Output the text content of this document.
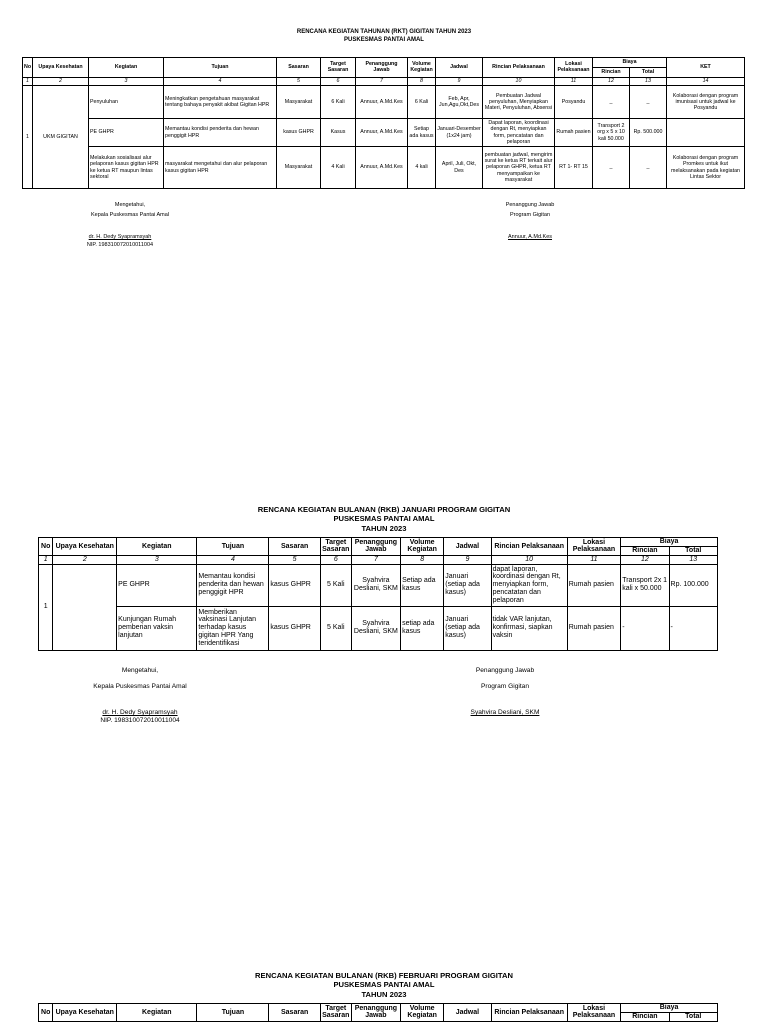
RENCANA KEGIATAN TAHUNAN (RKT) GIGITAN TAHUN 2023
PUSKESMAS PANTAI AMAL
No	Upaya Kesehatan	Kegiatan	Tujuan	Sasaran	Target Sasaran	Penanggung Jawab	Volume Kegiatan	Jadwal	Rincian Pelaksanaan	Lokasi Pelaksanaan	Biaya		KET
											Rincian	Total	
1	2	3	4	5	6	7	8	9	10	11	12	13	14
1	UKM GIGITAN	Penyuluhan	Meningkatkan pengetahuan masyarakat tentang bahaya penyakit akibat Gigitan HPR	Masyarakat	6 Kali	Annuur, A.Md.Kes	6 Kali	Feb, Apr, Jun,Agu,Okt,Des	Pembuatan Jadwal penyuluhan, Menyiapkan Materi, Penyuluhan, Absensi	Posyandu	_	_	Kolaborasi dengan program imunisasi untuk jadwal ke Posyandu
		PE GHPR	Memantau kondisi penderita dan hewan penggigit HPR	kasus GHPR	Kasus	Annuur, A.Md.Kes	Setiap ada kasus	Januari-Desember (1x24 jam)	Dapat laporan, koordinasi dengan Rt, menyiapkan form, pencatatan dan pelaporan	Rumah pasien	Transport 2 org x 5 x 10 kali 50.000	Rp. 500.000	
		Melakukan sosialisasi alur pelaporan kasus gigitan HPR ke ketua RT maupun lintas sektoral	masyarakat mengetahui dan alur pelaporan kasus gigitan HPR	Masyarakat	4 Kali	Annuur, A.Md.Kes	4 kali	April, Juli, Okt, Des	pembuatan jadwal, mengirim surat ke ketua RT terkait alur pelaporan GHPR, ketua RT menyampaikan ke masyarakat	RT 1- RT 15	_	_	Kolaborasi dengan program Promkes untuk ikut melaksanakan pada kegiatan Lintas Sektor
Mengetahui,
Kepala Puskesmas Pantai Amal
dr. H. Dedy Syapramsyah
NIP. 198310072010011004
Penanggung Jawab
Program Gigitan
Annuur, A.Md.Kes
RENCANA KEGIATAN BULANAN (RKB) JANUARI PROGRAM GIGITAN
PUSKESMAS PANTAI AMAL
TAHUN 2023
No	Upaya Kesehatan	Kegiatan	Tujuan	Sasaran	Target Sasaran	Penanggung Jawab	Volume Kegiatan	Jadwal	Rincian Pelaksanaan	Lokasi Pelaksanaan	Biaya	
											Rincian	Total
1	2	3	4	5	6	7	8	9	10	11	12	13
1		PE GHPR	Memantau kondisi penderita dan hewan penggigit HPR	kasus GHPR	5 Kali	Syahvira Desliani, SKM	Setiap ada kasus	Januari (setiap ada kasus)	dapat laporan, koordinasi dengan Rt, menyiapkan form, pencatatan dan pelaporan	Rumah pasien	Transport 2x 1 kali x 50.000	Rp. 100.000
		Kunjungan Rumah pemberian vaksin lanjutan	Memberikan vaksinasi Lanjutan terhadap kasus gigitan HPR Yang teridentifikasi	kasus GHPR	5 Kali	Syahvira Desliani, SKM	setiap ada kasus	Januari (setiap ada kasus)	tidak VAR lanjutan, konfirmasi, siapkan vaksin	Rumah pasien	-	-
Mengetahui,
Kepala Puskesmas Pantai Amal
dr. H. Dedy Syapramsyah
NIP. 198310072010011004
Penanggung Jawab
Program Gigitan
Syahvira Desliani, SKM
RENCANA KEGIATAN BULANAN (RKB) FEBRUARI PROGRAM GIGITAN
PUSKESMAS PANTAI AMAL
TAHUN 2023
No	Upaya Kesehatan	Kegiatan	Tujuan	Sasaran	Target Sasaran	Penanggung Jawab	Volume Kegiatan	Jadwal	Rincian Pelaksanaan	Lokasi Pelaksanaan	Biaya	
											Rincian	Total
